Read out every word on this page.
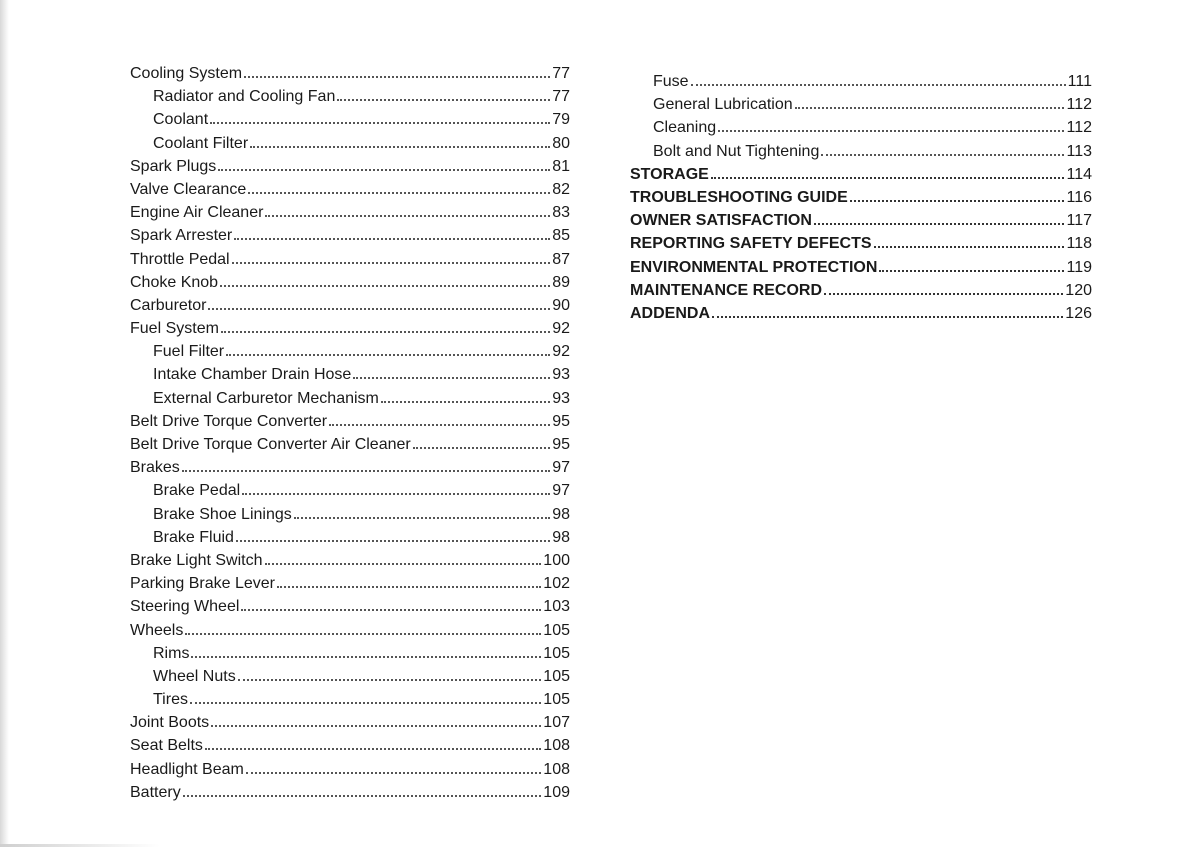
Cooling System	77
Radiator and Cooling Fan	77
Coolant	79
Coolant Filter	80
Spark Plugs	81
Valve Clearance	82
Engine Air Cleaner	83
Spark Arrester	85
Throttle Pedal	87
Choke Knob	89
Carburetor	90
Fuel System	92
Fuel Filter	92
Intake Chamber Drain Hose	93
External Carburetor Mechanism	93
Belt Drive Torque Converter	95
Belt Drive Torque Converter Air Cleaner	95
Brakes	97
Brake Pedal	97
Brake Shoe Linings	98
Brake Fluid	98
Brake Light Switch	100
Parking Brake Lever	102
Steering Wheel	103
Wheels	105
Rims	105
Wheel Nuts	105
Tires	105
Joint Boots	107
Seat Belts	108
Headlight Beam	108
Battery	109
Fuse	111
General Lubrication	112
Cleaning	112
Bolt and Nut Tightening	113
STORAGE	114
TROUBLESHOOTING GUIDE	116
OWNER SATISFACTION	117
REPORTING SAFETY DEFECTS	118
ENVIRONMENTAL PROTECTION	119
MAINTENANCE RECORD	120
ADDENDA	126
